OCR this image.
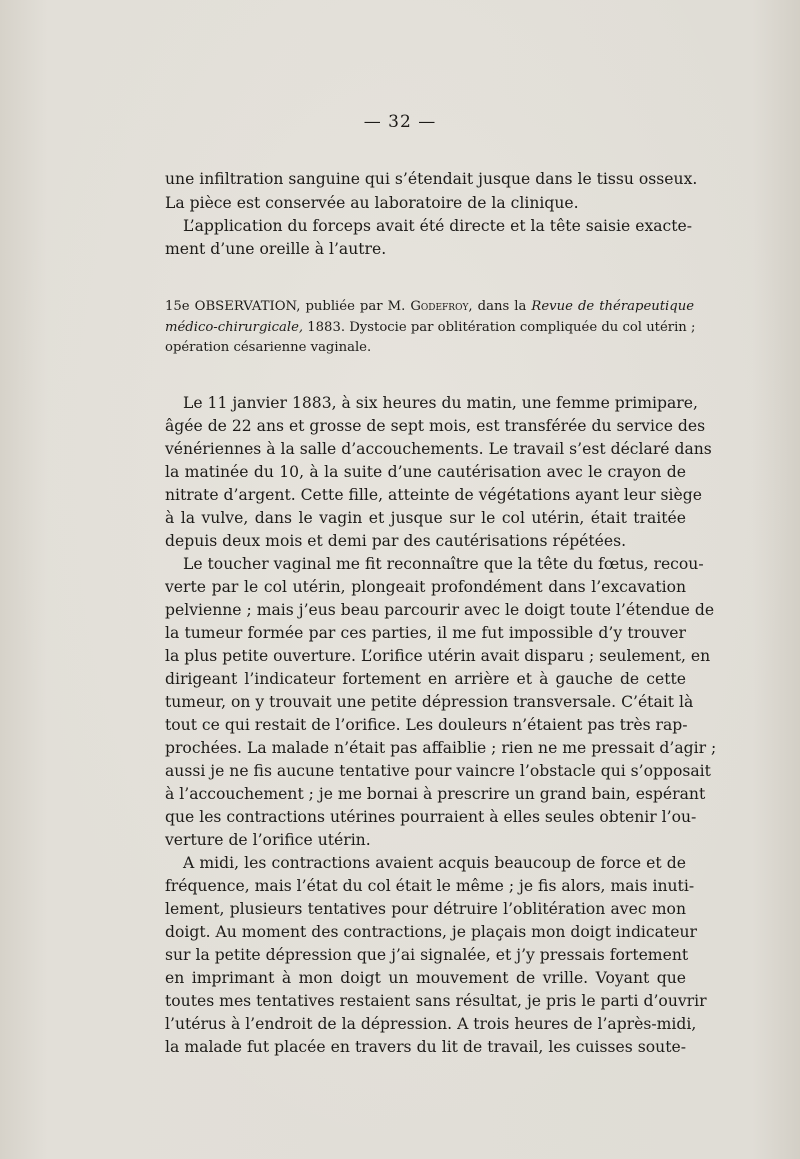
— 32 —
une infiltration sanguine qui s’étendait jusque dans le tissu osseux.
La pièce est conservée au laboratoire de la clinique.
L’application du forceps avait été directe et la tête saisie exacte-
ment d’une oreille à l’autre.
15e OBSERVATION, publiée par M. Godefroy, dans la Revue de thérapeutique
médico-chirurgicale, 1883. Dystocie par oblitération compliquée du col utérin ;
opération césarienne vaginale.
Le 11 janvier 1883, à six heures du matin, une femme primipare,
âgée de 22 ans et grosse de sept mois, est transférée du service des
vénériennes à la salle d’accouchements. Le travail s’est déclaré dans
la matinée du 10, à la suite d’une cautérisation avec le crayon de
nitrate d’argent. Cette fille, atteinte de végétations ayant leur siège
à la vulve, dans le vagin et jusque sur le col utérin, était traitée
depuis deux mois et demi par des cautérisations répétées.
Le toucher vaginal me fit reconnaître que la tête du fœtus, recou-
verte par le col utérin, plongeait profondément dans l’excavation
pelvienne ; mais j’eus beau parcourir avec le doigt toute l’étendue de
la tumeur formée par ces parties, il me fut impossible d’y trouver
la plus petite ouverture. L’orifice utérin avait disparu ; seulement, en
dirigeant l’indicateur fortement en arrière et à gauche de cette
tumeur, on y trouvait une petite dépression transversale. C’était là
tout ce qui restait de l’orifice. Les douleurs n’étaient pas très rap-
prochées. La malade n’était pas affaiblie ; rien ne me pressait d’agir ;
aussi je ne fis aucune tentative pour vaincre l’obstacle qui s’opposait
à l’accouchement ; je me bornai à prescrire un grand bain, espérant
que les contractions utérines pourraient à elles seules obtenir l’ou-
verture de l’orifice utérin.
A midi, les contractions avaient acquis beaucoup de force et de
fréquence, mais l’état du col était le même ; je fis alors, mais inuti-
lement, plusieurs tentatives pour détruire l’oblitération avec mon
doigt. Au moment des contractions, je plaçais mon doigt indicateur
sur la petite dépression que j’ai signalée, et j’y pressais fortement
en imprimant à mon doigt un mouvement de vrille. Voyant que
toutes mes tentatives restaient sans résultat, je pris le parti d’ouvrir
l’utérus à l’endroit de la dépression. A trois heures de l’après-midi,
la malade fut placée en travers du lit de travail, les cuisses soute-
